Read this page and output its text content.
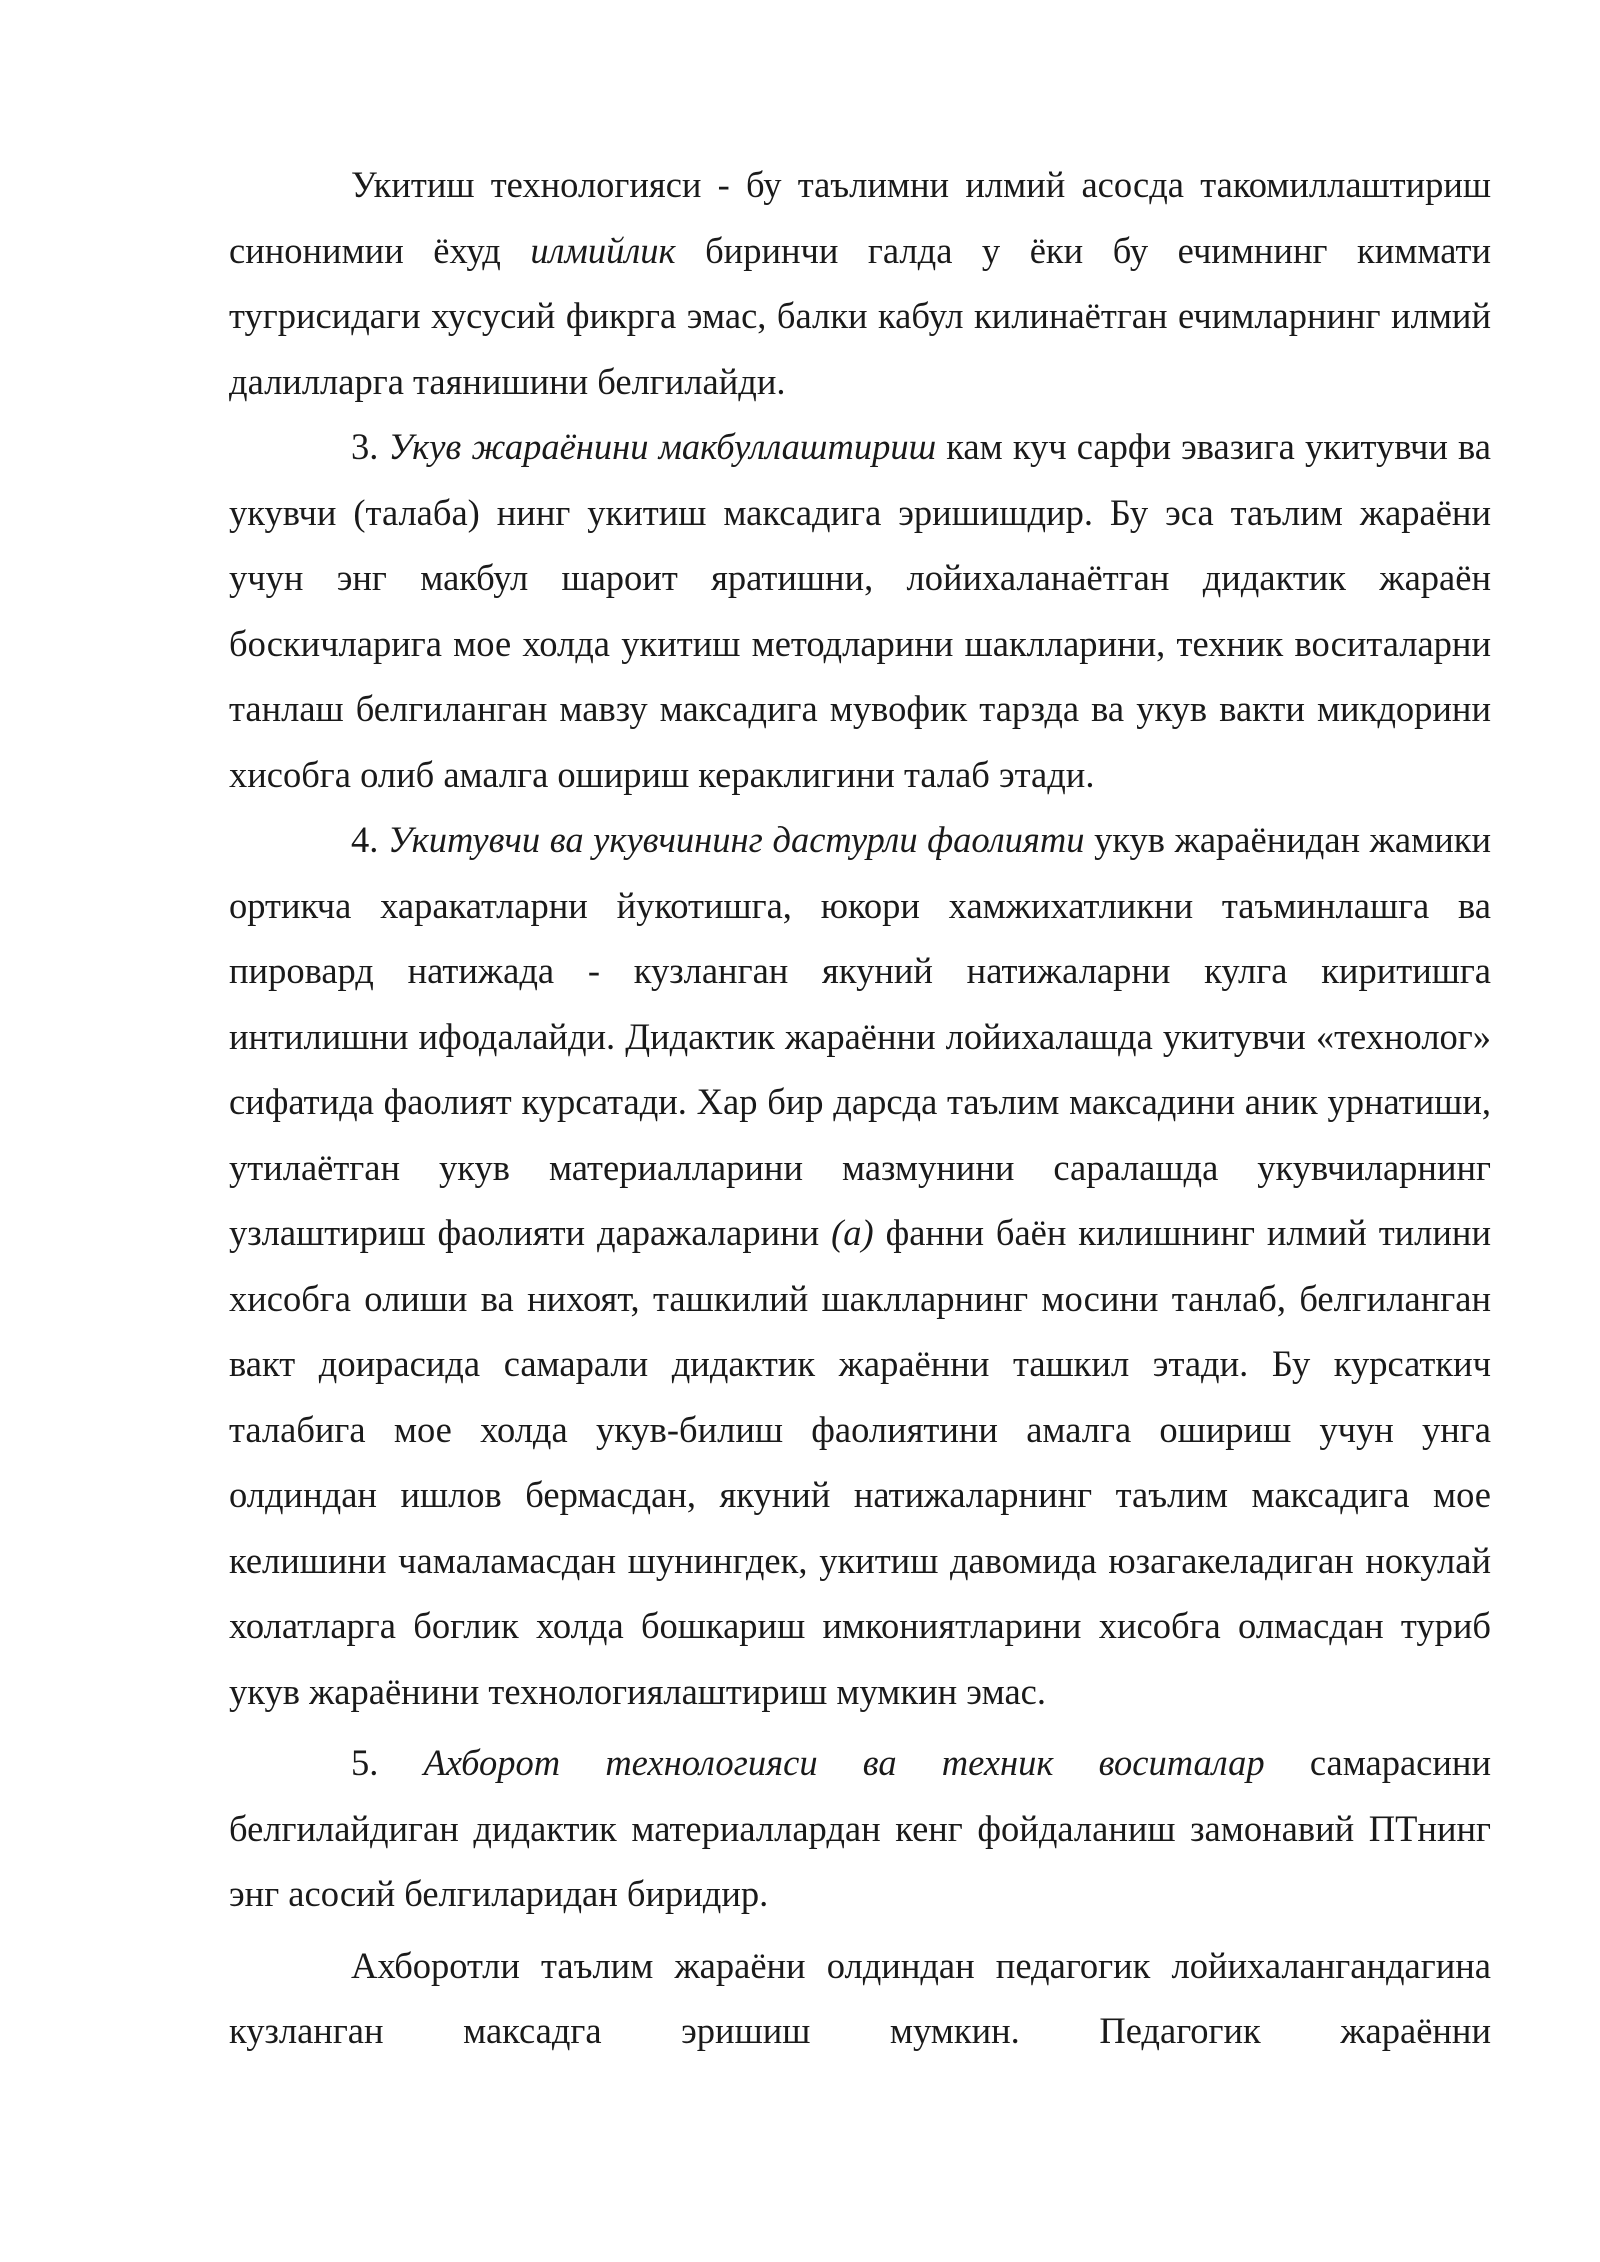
Укитиш технологияси - бу таълимни илмий асосда такомиллаштириш синонимии ёхуд илмийлик биринчи галда у ёки бу ечимнинг киммати тугрисидаги хусусий фикрга эмас, балки кабул килинаётган ечимларнинг илмий далилларга таянишини белгилайди.

3. Укув жараёнини макбуллаштириш кам куч сарфи эвазига укитувчи ва укувчи (талаба) нинг укитиш максадига эришишдир. Бу эса таълим жараёни учун энг макбул шароит яратишни, лойихаланаётган дидактик жараён боскичларига мое холда укитиш методларини шаклларини, техник воситаларни танлаш белгиланган мавзу максадига мувофик тарзда ва укув вакти микдорини хисобга олиб амалга ошириш кераклигини талаб этади.

4. Укитувчи ва укувчининг дастурли фаолияти укув жараёнидан жамики ортикча харакатларни йукотишга, юкори хамжихатликни таъминлашга ва пировард натижада - кузланган якуний натижаларни кулга киритишга интилишни ифодалайди. Дидактик жараённи лойихалашда укитувчи «технолог» сифатида фаолият курсатади. Хар бир дарсда таълим максадини аник урнатиши, утилаётган укув материалларини мазмунини саралашда укувчиларнинг узлаштириш фаолияти даражаларини (а) фанни баён килишнинг илмий тилини хисобга олиши ва нихоят, ташкилий шаклларнинг мосини танлаб, белгиланган вакт доирасида самарали дидактик жараённи ташкил этади. Бу курсаткич талабига мое холда укув-билиш фаолиятини амалга ошириш учун унга олдиндан ишлов бермасдан, якуний натижаларнинг таълим максадига мое келишини чамаламасдан шунингдек, укитиш давомида юзагакеладиган нокулай холатларга боглик холда бошкариш имкониятларини хисобга олмасдан туриб укув жараёнини технологиялаштириш мумкин эмас.

5. Ахборот технологияси ва техник воситалар самарасини белгилайдиган дидактик материаллардан кенг фойдаланиш замонавий ПТнинг энг асосий белгиларидан биридир.

Ахборотли таълим жараёни олдиндан педагогик лойихалангандагина кузланган максадга эришиш мумкин. Педагогик жараённи
